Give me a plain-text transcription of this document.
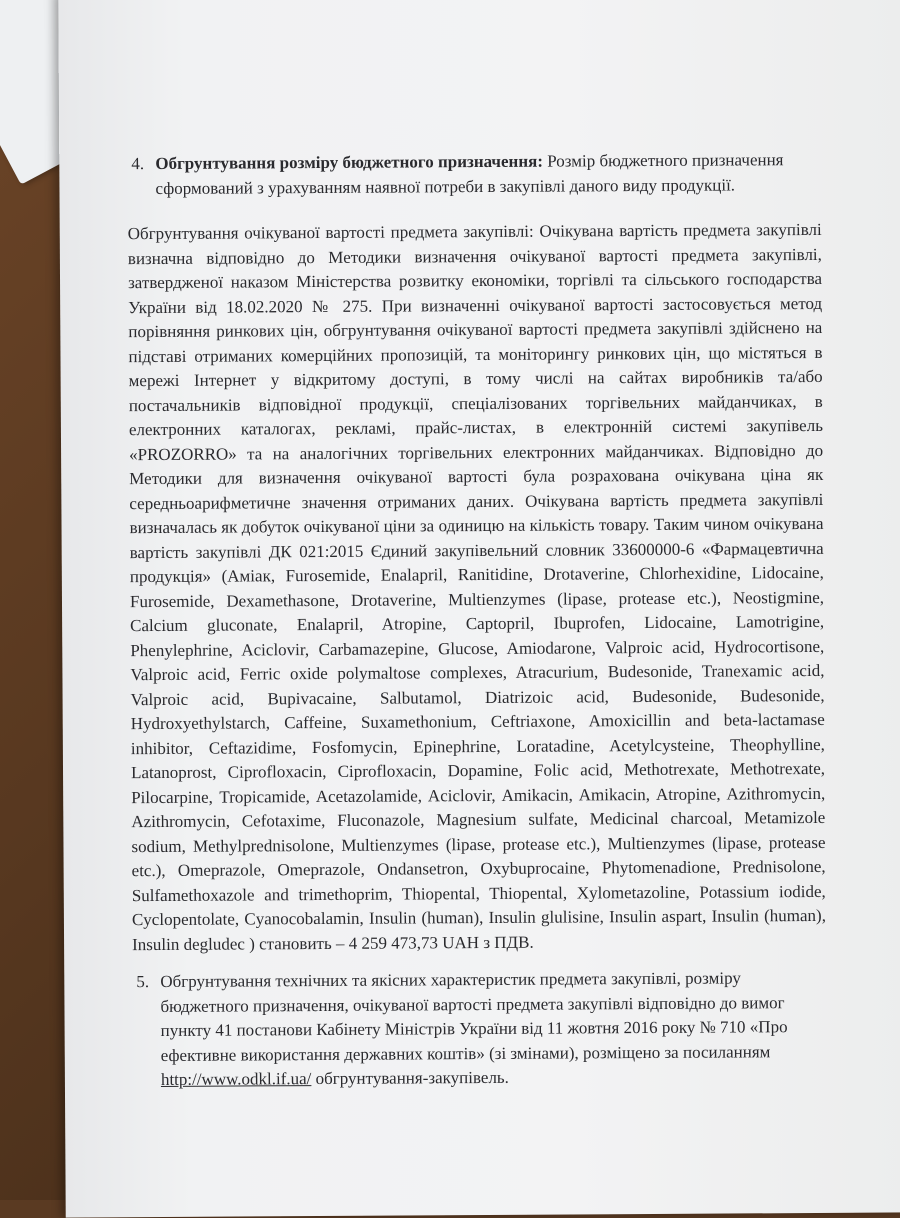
4. Обгрунтування розміру бюджетного призначення: Розмір бюджетного призначення сформований з урахуванням наявної потреби в закупівлі даного виду продукції.
Обгрунтування очікуваної вартості предмета закупівлі: Очікувана вартість предмета закупівлі визначна відповідно до Методики визначення очікуваної вартості предмета закупівлі, затвердженої наказом Міністерства розвитку економіки, торгівлі та сільського господарства України від 18.02.2020 № 275. При визначенні очікуваної вартості застосовується метод порівняння ринкових цін, обгрунтування очікуваної вартості предмета закупівлі здійснено на підставі отриманих комерційних пропозицій, та моніторингу ринкових цін, що містяться в мережі Інтернет у відкритому доступі, в тому числі на сайтах виробників та/або постачальників відповідної продукції, спеціалізованих торгівельних майданчиках, в електронних каталогах, рекламі, прайс-листах, в електронній системі закупівель «PROZORRO» та на аналогічних торгівельних електронних майданчиках. Відповідно до Методики для визначення очікуваної вартості була розрахована очікувана ціна як середньоарифметичне значення отриманих даних. Очікувана вартість предмета закупівлі визначалась як добуток очікуваної ціни за одиницю на кількість товару. Таким чином очікувана вартість закупівлі ДК 021:2015 Єдиний закупівельний словник 33600000-6 «Фармацевтична продукція» (Аміак, Furosemide, Enalapril, Ranitidine, Drotaverine, Chlorhexidine, Lidocaine, Furosemide, Dexamethasone, Drotaverine, Multienzymes (lipase, protease etc.), Neostigmine, Calcium gluconate, Enalapril, Atropine, Captopril, Ibuprofen, Lidocaine, Lamotrigine, Phenylephrine, Aciclovir, Carbamazepine, Glucose, Amiodarone, Valproic acid, Hydrocortisone, Valproic acid, Ferric oxide polymaltose complexes, Atracurium, Budesonide, Tranexamic acid, Valproic acid, Bupivacaine, Salbutamol, Diatrizoic acid, Budesonide, Budesonide, Hydroxyethylstarch, Caffeine, Suxamethonium, Ceftriaxone, Amoxicillin and beta-lactamase inhibitor, Ceftazidime, Fosfomycin, Epinephrine, Loratadine, Acetylcysteine, Theophylline, Latanoprost, Ciprofloxacin, Ciprofloxacin, Dopamine, Folic acid, Methotrexate, Methotrexate, Pilocarpine, Tropicamide, Acetazolamide, Aciclovir, Amikacin, Amikacin, Atropine, Azithromycin, Azithromycin, Cefotaxime, Fluconazole, Magnesium sulfate, Medicinal charcoal, Metamizole sodium, Methylprednisolone, Multienzymes (lipase, protease etc.), Multienzymes (lipase, protease etc.), Omeprazole, Omeprazole, Ondansetron, Oxybuprocaine, Phytomenadione, Prednisolone, Sulfamethoxazole and trimethoprim, Thiopental, Thiopental, Xylometazoline, Potassium iodide, Cyclopentolate, Cyanocobalamin, Insulin (human), Insulin glulisine, Insulin aspart, Insulin (human), Insulin degludec ) становить – 4 259 473,73 UAH з ПДВ.
5. Обгрунтування технічних та якісних характеристик предмета закупівлі, розміру бюджетного призначення, очікуваної вартості предмета закупівлі відповідно до вимог пункту 41 постанови Кабінету Міністрів України від 11 жовтня 2016 року № 710 «Про ефективне використання державних коштів» (зі змінами), розміщено за посиланням http://www.odkl.if.ua/ обгрунтування-закупівель.
